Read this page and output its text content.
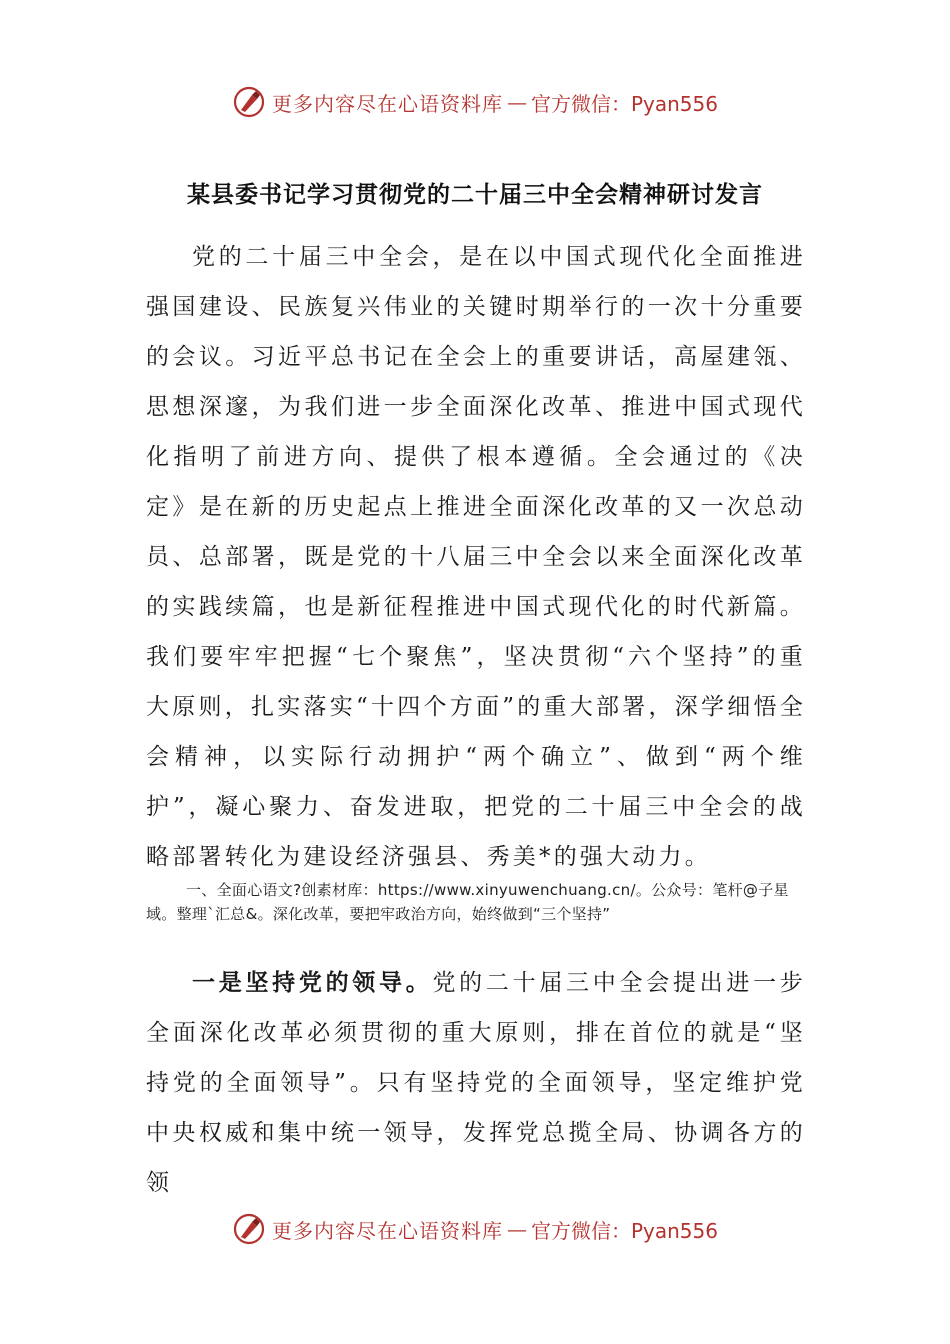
更多内容尽在心语资料库 — 官方微信：Pyan556
某县委书记学习贯彻党的二十届三中全会精神研讨发言

党的二十届三中全会，是在以中国式现代化全面推进强国建设、民族复兴伟业的关键时期举行的一次十分重要的会议。习近平总书记在全会上的重要讲话，高屋建瓴、思想深邃，为我们进一步全面深化改革、推进中国式现代化指明了前进方向、提供了根本遵循。全会通过的《决定》是在新的历史起点上推进全面深化改革的又一次总动员、总部署，既是党的十八届三中全会以来全面深化改革的实践续篇，也是新征程推进中国式现代化的时代新篇。我们要牢牢把握“七个聚焦”，坚决贯彻“六个坚持”的重大原则，扎实落实“十四个方面”的重大部署，深学细悟全会精神，以实际行动拥护“两个确立”、做到“两个维护”，凝心聚力、奋发进取，把党的二十届三中全会的战略部署转化为建设经济强县、秀美*的强大动力。

一、全面心语文?创素材库：https://www.xinyuwenchuang.cn/。公众号：笔杆@子星域。整理`汇总&。深化改革，要把牢政治方向，始终做到“三个坚持”

一是坚持党的领导。党的二十届三中全会提出进一步全面深化改革必须贯彻的重大原则，排在首位的就是“坚持党的全面领导”。只有坚持党的全面领导，坚定维护党中央权威和集中统一领导，发挥党总揽全局、协调各方的领

更多内容尽在心语资料库 — 官方微信：Pyan556
